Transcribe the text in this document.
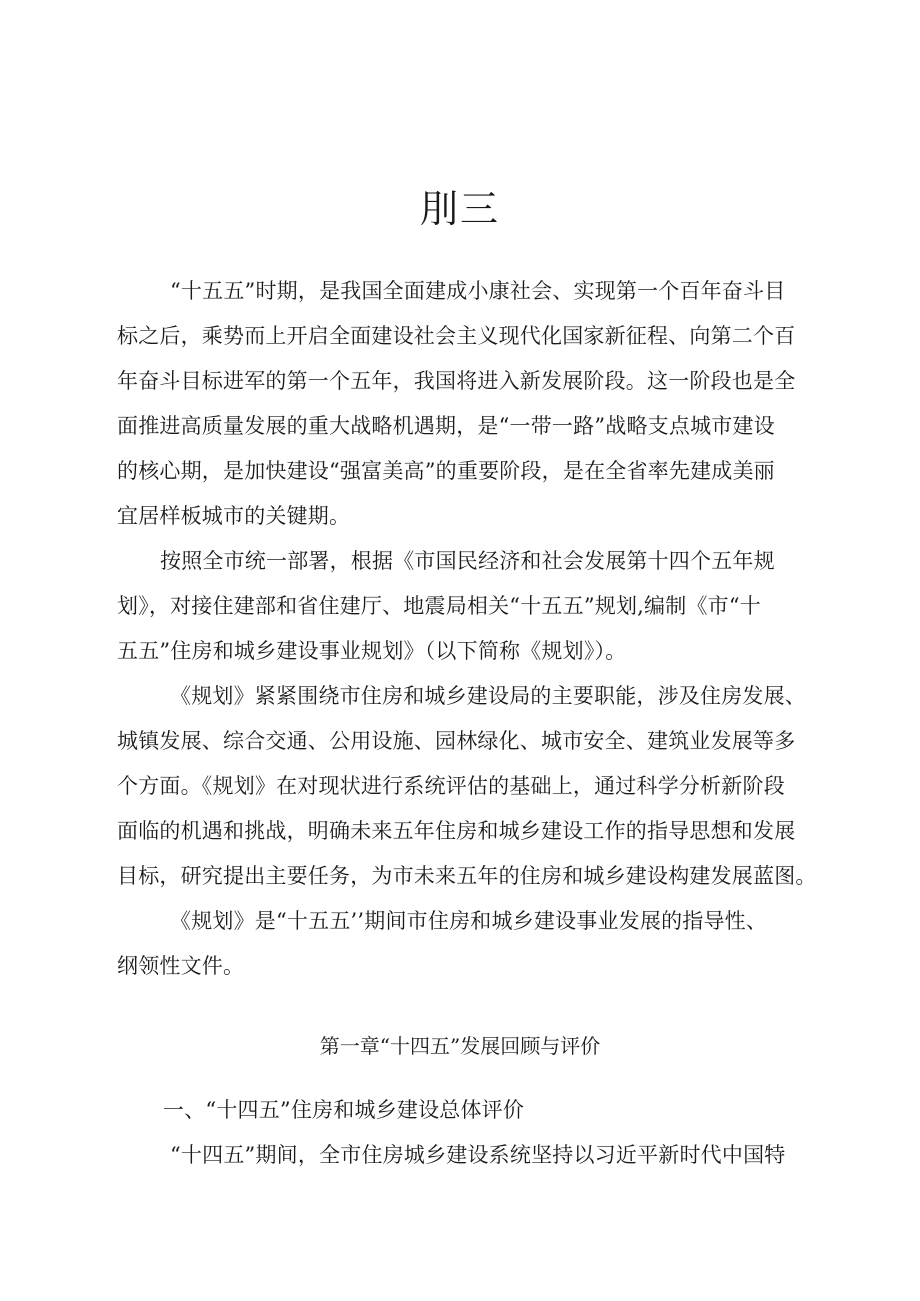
刖三
“十五五”时期，是我国全面建成小康社会、实现第一个百年奋斗目
标之后，乘势而上开启全面建设社会主义现代化国家新征程、向第二个百
年奋斗目标进军的第一个五年，我国将进入新发展阶段。这一阶段也是全
面推进高质量发展的重大战略机遇期，是“一带一路”战略支点城市建设
的核心期，是加快建设“强富美高”的重要阶段，是在全省率先建成美丽
宜居样板城市的关键期。
按照全市统一部署，根据《市国民经济和社会发展第十四个五年规
划》，对接住建部和省住建厅、地震局相关“十五五”规划,编制《市“十
五五”住房和城乡建设事业规划》（以下简称《规划》）。
《规划》紧紧围绕市住房和城乡建设局的主要职能，涉及住房发展、
城镇发展、综合交通、公用设施、园林绿化、城市安全、建筑业发展等多
个方面。《规划》在对现状进行系统评估的基础上，通过科学分析新阶段
面临的机遇和挑战，明确未来五年住房和城乡建设工作的指导思想和发展
目标，研究提出主要任务，为市未来五年的住房和城乡建设构建发展蓝图。
《规划》是“十五五’’期间市住房和城乡建设事业发展的指导性、
纲领性文件。
第一章“十四五”发展回顾与评价
一、“十四五”住房和城乡建设总体评价
“十四五”期间，全市住房城乡建设系统坚持以习近平新时代中国特
